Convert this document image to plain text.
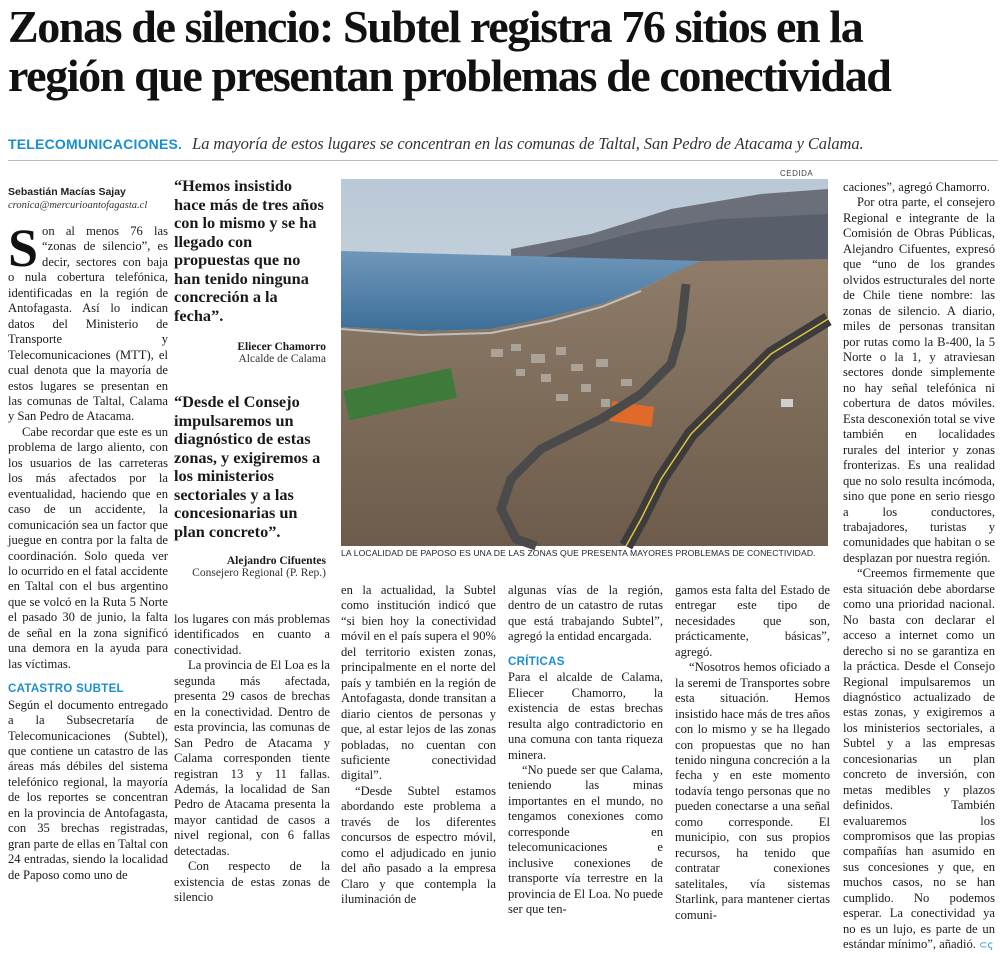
Zonas de silencio: Subtel registra 76 sitios en la
región que presentan problemas de conectividad
TELECOMUNICACIONES. La mayoría de estos lugares se concentran en las comunas de Taltal, San Pedro de Atacama y Calama.
Sebastián Macías Sajay
cronica@mercurioantofagasta.cl

Son al menos 76 las “zonas de silencio”, es decir, sectores con baja o nula cobertura telefónica, identificadas en la región de Antofagasta. Así lo indican datos del Ministerio de Transporte y Telecomunicaciones (MTT), el cual denota que la mayoría de estos lugares se presentan en las comunas de Taltal, Calama y San Pedro de Atacama.

Cabe recordar que este es un problema de largo aliento, con los usuarios de las carreteras los más afectados por la eventualidad, haciendo que en caso de un accidente, la comunicación sea un factor que juegue en contra por la falta de coordinación. Solo queda ver lo ocurrido en el fatal accidente en Taltal con el bus argentino que se volcó en la Ruta 5 Norte el pasado 30 de junio, la falta de señal en la zona significó una demora en la ayuda para las víctimas.

CATASTRO SUBTEL

Según el documento entregado a la Subsecretaría de Telecomunicaciones (Subtel), que contiene un catastro de las áreas más débiles del sistema telefónico regional, la mayoría de los reportes se concentran en la provincia de Antofagasta, con 35 brechas registradas, gran parte de ellas en Taltal con 24 entradas, siendo la localidad de Paposo como uno de

“Hemos insistido hace más de tres años con lo mismo y se ha llegado con propuestas que no han tenido ninguna concreción a la fecha”.
Eliecer Chamorro
Alcalde de Calama
“Desde el Consejo impulsaremos un diagnóstico de estas zonas, y exigiremos a los ministerios sectoriales y a las concesionarias un plan concreto”.
Alejandro Cifuentes
Consejero Regional (P. Rep.)

los lugares con más problemas identificados en cuanto a conectividad.

La provincia de El Loa es la segunda más afectada, presenta 29 casos de brechas en la conectividad. Dentro de esta provincia, las comunas de San Pedro de Atacama y Calama corresponden tiente registran 13 y 11 fallas. Además, la localidad de San Pedro de Atacama presenta la mayor cantidad de casos a nivel regional, con 6 fallas detectadas.

Con respecto de la existencia de estas zonas de silencio

CEDIDA
LA LOCALIDAD DE PAPOSO ES UNA DE LAS ZONAS QUE PRESENTA MAYORES PROBLEMAS DE CONECTIVIDAD.

en la actualidad, la Subtel como institución indicó que “si bien hoy la conectividad móvil en el país supera el 90% del territorio existen zonas, principalmente en el norte del país y también en la región de Antofagasta, donde transitan a diario cientos de personas y que, al estar lejos de las zonas pobladas, no cuentan con suficiente conectividad digital”.

“Desde Subtel estamos abordando este problema a través de los diferentes concursos de espectro móvil, como el adjudicado en junio del año pasado a la empresa Claro y que contempla la iluminación de

algunas vías de la región, dentro de un catastro de rutas que está trabajando Subtel”, agregó la entidad encargada.

CRÍTICAS

Para el alcalde de Calama, Eliecer Chamorro, la existencia de estas brechas resulta algo contradictorio en una comuna con tanta riqueza minera.

“No puede ser que Calama, teniendo las minas importantes en el mundo, no tengamos conexiones como corresponde en telecomunicaciones e inclusive conexiones de transporte vía terrestre en la provincia de El Loa. No puede ser que ten-

gamos esta falta del Estado de entregar este tipo de necesidades que son, prácticamente, básicas”, agregó.

“Nosotros hemos oficiado a la seremi de Transportes sobre esta situación. Hemos insistido hace más de tres años con lo mismo y se ha llegado con propuestas que no han tenido ninguna concreción a la fecha y en este momento todavía tengo personas que no pueden conectarse a una señal como corresponde. El municipio, con sus propios recursos, ha tenido que contratar conexiones satelitales, vía sistemas Starlink, para mantener ciertas comuni-

caciones”, agregó Chamorro.

Por otra parte, el consejero Regional e integrante de la Comisión de Obras Públicas, Alejandro Cifuentes, expresó que “uno de los grandes olvidos estructurales del norte de Chile tiene nombre: las zonas de silencio. A diario, miles de personas transitan por rutas como la B-400, la 5 Norte o la 1, y atraviesan sectores donde simplemente no hay señal telefónica ni cobertura de datos móviles. Esta desconexión total se vive también en localidades rurales del interior y zonas fronterizas. Es una realidad que no solo resulta incómoda, sino que pone en serio riesgo a los conductores, trabajadores, turistas y comunidades que habitan o se desplazan por nuestra región.

“Creemos firmemente que esta situación debe abordarse como una prioridad nacional. No basta con declarar el acceso a internet como un derecho si no se garantiza en la práctica. Desde el Consejo Regional impulsaremos un diagnóstico actualizado de estas zonas, y exigiremos a los ministerios sectoriales, a Subtel y a las empresas concesionarias un plan concreto de inversión, con metas medibles y plazos definidos. También evaluaremos los compromisos que las propias compañías han asumido en sus concesiones y que, en muchos casos, no se han cumplido. No podemos esperar. La conectividad ya no es un lujo, es parte de un estándar mínimo”, añadió. ⊂ς
